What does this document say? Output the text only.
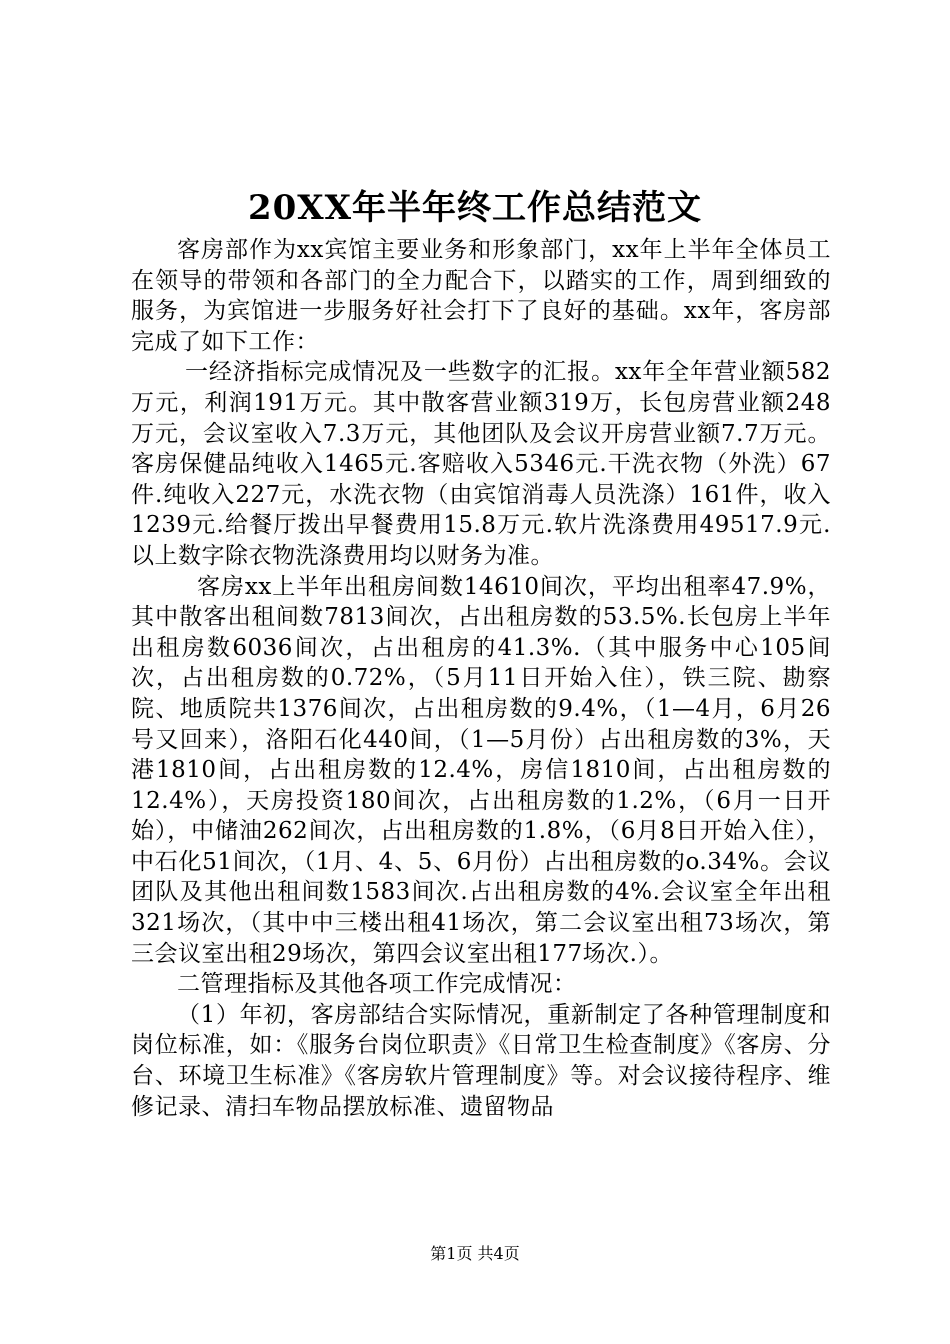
20XX年半年终工作总结范文

客房部作为xx宾馆主要业务和形象部门，xx年上半年全体员工在领导的带领和各部门的全力配合下，以踏实的工作，周到细致的服务，为宾馆进一步服务好社会打下了良好的基础。xx年，客房部完成了如下工作：

一经济指标完成情况及一些数字的汇报。xx年全年营业额582万元，利润191万元。其中散客营业额319万，长包房营业额248万元，会议室收入7.3万元，其他团队及会议开房营业额7.7万元。客房保健品纯收入1465元.客赔收入5346元.干洗衣物（外洗）67件.纯收入227元，水洗衣物（由宾馆消毒人员洗涤）161件，收入1239元.给餐厅拨出早餐费用15.8万元.软片洗涤费用49517.9元.以上数字除衣物洗涤费用均以财务为准。

客房xx上半年出租房间数14610间次，平均出租率47.9%，其中散客出租间数7813间次，占出租房数的53.5%.长包房上半年出租房数6036间次，占出租房的41.3%.（其中服务中心105间次，占出租房数的0.72%，（5月11日开始入住），铁三院、勘察院、地质院共1376间次，占出租房数的9.4%，（1—4月，6月26号又回来），洛阳石化440间，（1—5月份）占出租房数的3%，天港1810间，占出租房数的12.4%，房信1810间，占出租房数的12.4%），天房投资180间次，占出租房数的1.2%，（6月一日开始），中储油262间次，占出租房数的1.8%，（6月8日开始入住），中石化51间次，（1月、4、5、6月份）占出租房数的o.34%。会议团队及其他出租间数1583间次.占出租房数的4%.会议室全年出租321场次，（其中中三楼出租41场次，第二会议室出租73场次，第三会议室出租29场次，第四会议室出租177场次.）。

二管理指标及其他各项工作完成情况：

（1）年初，客房部结合实际情况，重新制定了各种管理制度和岗位标准，如：《服务台岗位职责》《日常卫生检查制度》《客房、分台、环境卫生标准》《客房软片管理制度》等。对会议接待程序、维修记录、清扫车物品摆放标准、遗留物品

第1页 共4页
